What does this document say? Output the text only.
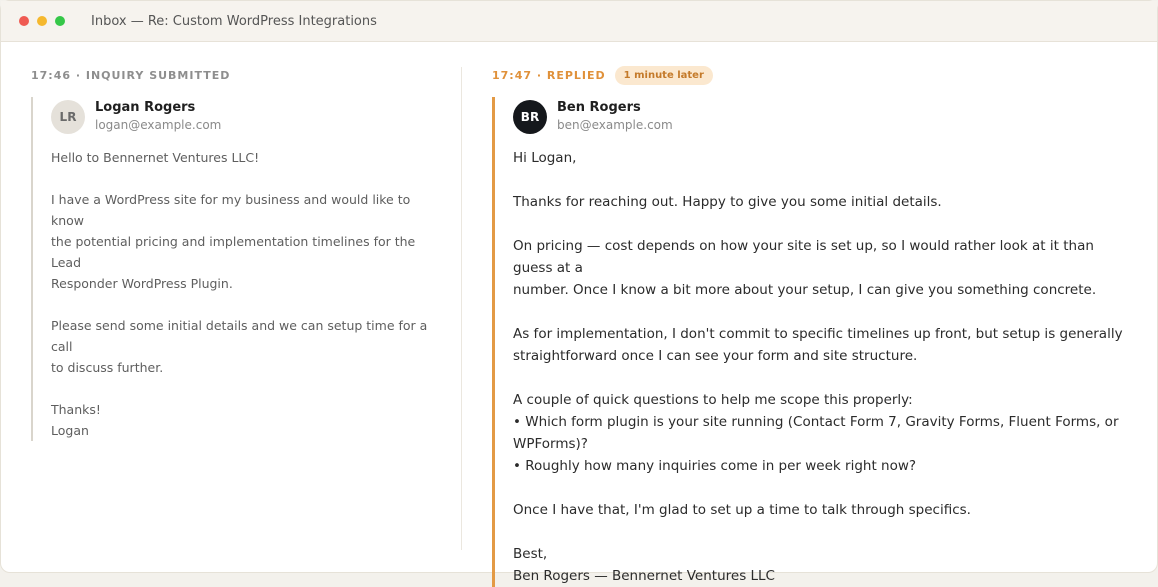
Inbox — Re: Custom WordPress Integrations
17:46 · INQUIRY SUBMITTED
LR
Logan Rogers
logan@example.com

Hello to Bennernet Ventures LLC!

I have a WordPress site for my business and would like to know

the potential pricing and implementation timelines for the Lead

Responder WordPress Plugin.

Please send some initial details and we can setup time for a call

to discuss further.

Thanks!

Logan

17:47 · REPLIED	1 minute later
BR
Ben Rogers
ben@example.com

Hi Logan,

Thanks for reaching out. Happy to give you some initial details.

On pricing — cost depends on how your site is set up, so I would rather look at it than guess at a

number. Once I know a bit more about your setup, I can give you something concrete.

As for implementation, I don't commit to specific timelines up front, but setup is generally

straightforward once I can see your form and site structure.

A couple of quick questions to help me scope this properly:

• Which form plugin is your site running (Contact Form 7, Gravity Forms, Fluent Forms, or

WPForms)?

• Roughly how many inquiries come in per week right now?

Once I have that, I'm glad to set up a time to talk through specifics.

Best,

Ben Rogers — Bennernet Ventures LLC
